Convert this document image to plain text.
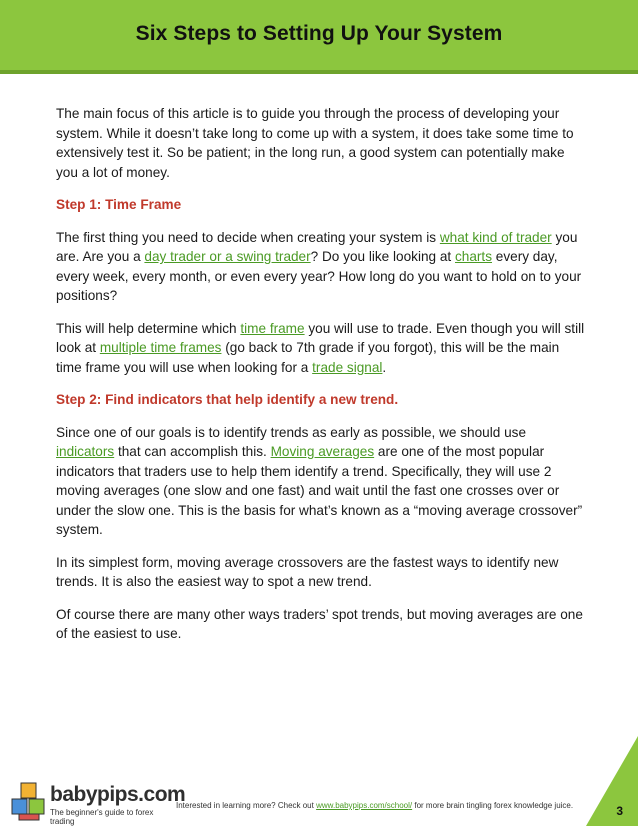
Six Steps to Setting Up Your System

The main focus of this article is to guide you through the process of developing your system. While it doesn’t take long to come up with a system, it does take some time to extensively test it. So be patient; in the long run, a good system can potentially make you a lot of money.

Step 1: Time Frame

The first thing you need to decide when creating your system is what kind of trader you are. Are you a day trader or a swing trader? Do you like looking at charts every day, every week, every month, or even every year? How long do you want to hold on to your positions?

This will help determine which time frame you will use to trade. Even though you will still look at multiple time frames (go back to 7th grade if you forgot), this will be the main time frame you will use when looking for a trade signal.

Step 2: Find indicators that help identify a new trend.

Since one of our goals is to identify trends as early as possible, we should use indicators that can accomplish this. Moving averages are one of the most popular indicators that traders use to help them identify a trend. Specifically, they will use 2 moving averages (one slow and one fast) and wait until the fast one crosses over or under the slow one. This is the basis for what’s known as a “moving average crossover” system.

In its simplest form, moving average crossovers are the fastest ways to identify new trends. It is also the easiest way to spot a new trend.

Of course there are many other ways traders’ spot trends, but moving averages are one of the easiest to use.

babypips.com
The beginner's guide to forex trading
Interested in learning more? Check out www.babypips.com/school/ for more brain tingling forex knowledge juice.	3
